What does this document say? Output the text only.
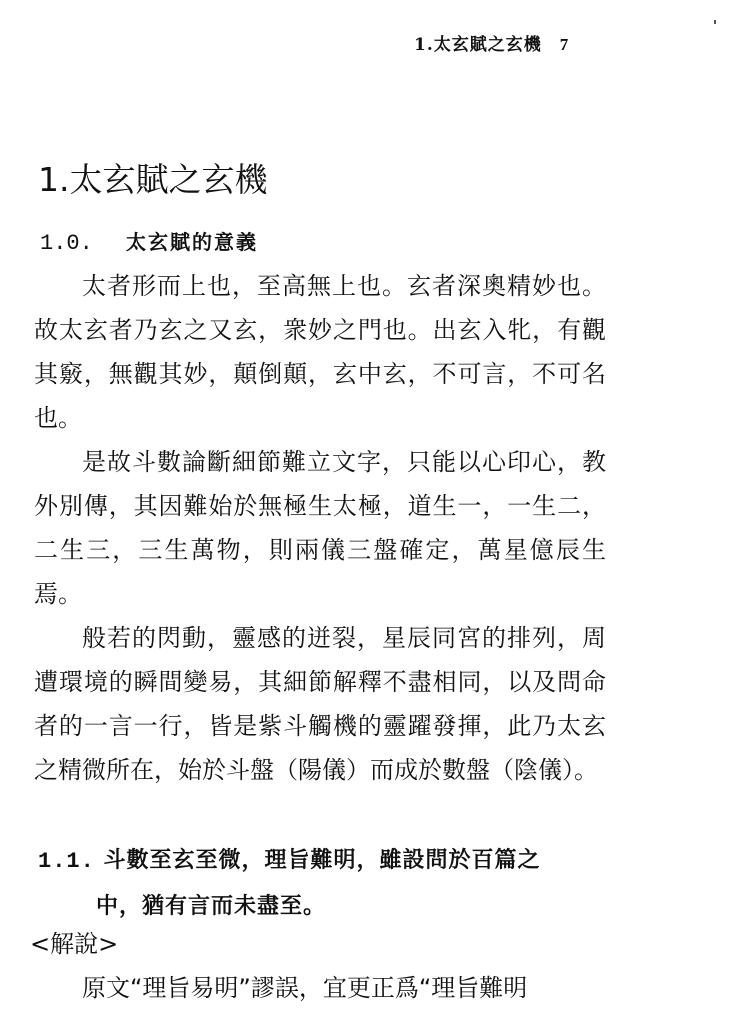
1.太玄賦之玄機 7
1.太玄賦之玄機
1.0. 太玄賦的意義

太者形而上也，至高無上也。玄者深奧精妙也。故太玄者乃玄之又玄，衆妙之門也。出玄入牝，有觀其竅，無觀其妙，顛倒顛，玄中玄，不可言，不可名也。

是故斗數論斷細節難立文字，只能以心印心，教外別傳，其因難始於無極生太極，道生一，一生二，二生三，三生萬物，則兩儀三盤確定，萬星億辰生焉。

般若的閃動，靈感的迸裂，星辰同宮的排列，周遭環境的瞬間變易，其細節解釋不盡相同，以及問命者的一言一行，皆是紫斗觸機的靈躍發揮，此乃太玄之精微所在，始於斗盤（陽儀）而成於數盤（陰儀）。

1.1. 斗數至玄至微，理旨難明，雖設問於百篇之
中，猶有言而未盡至。

<解說>

原文“理旨易明”謬誤，宜更正爲“理旨難明
